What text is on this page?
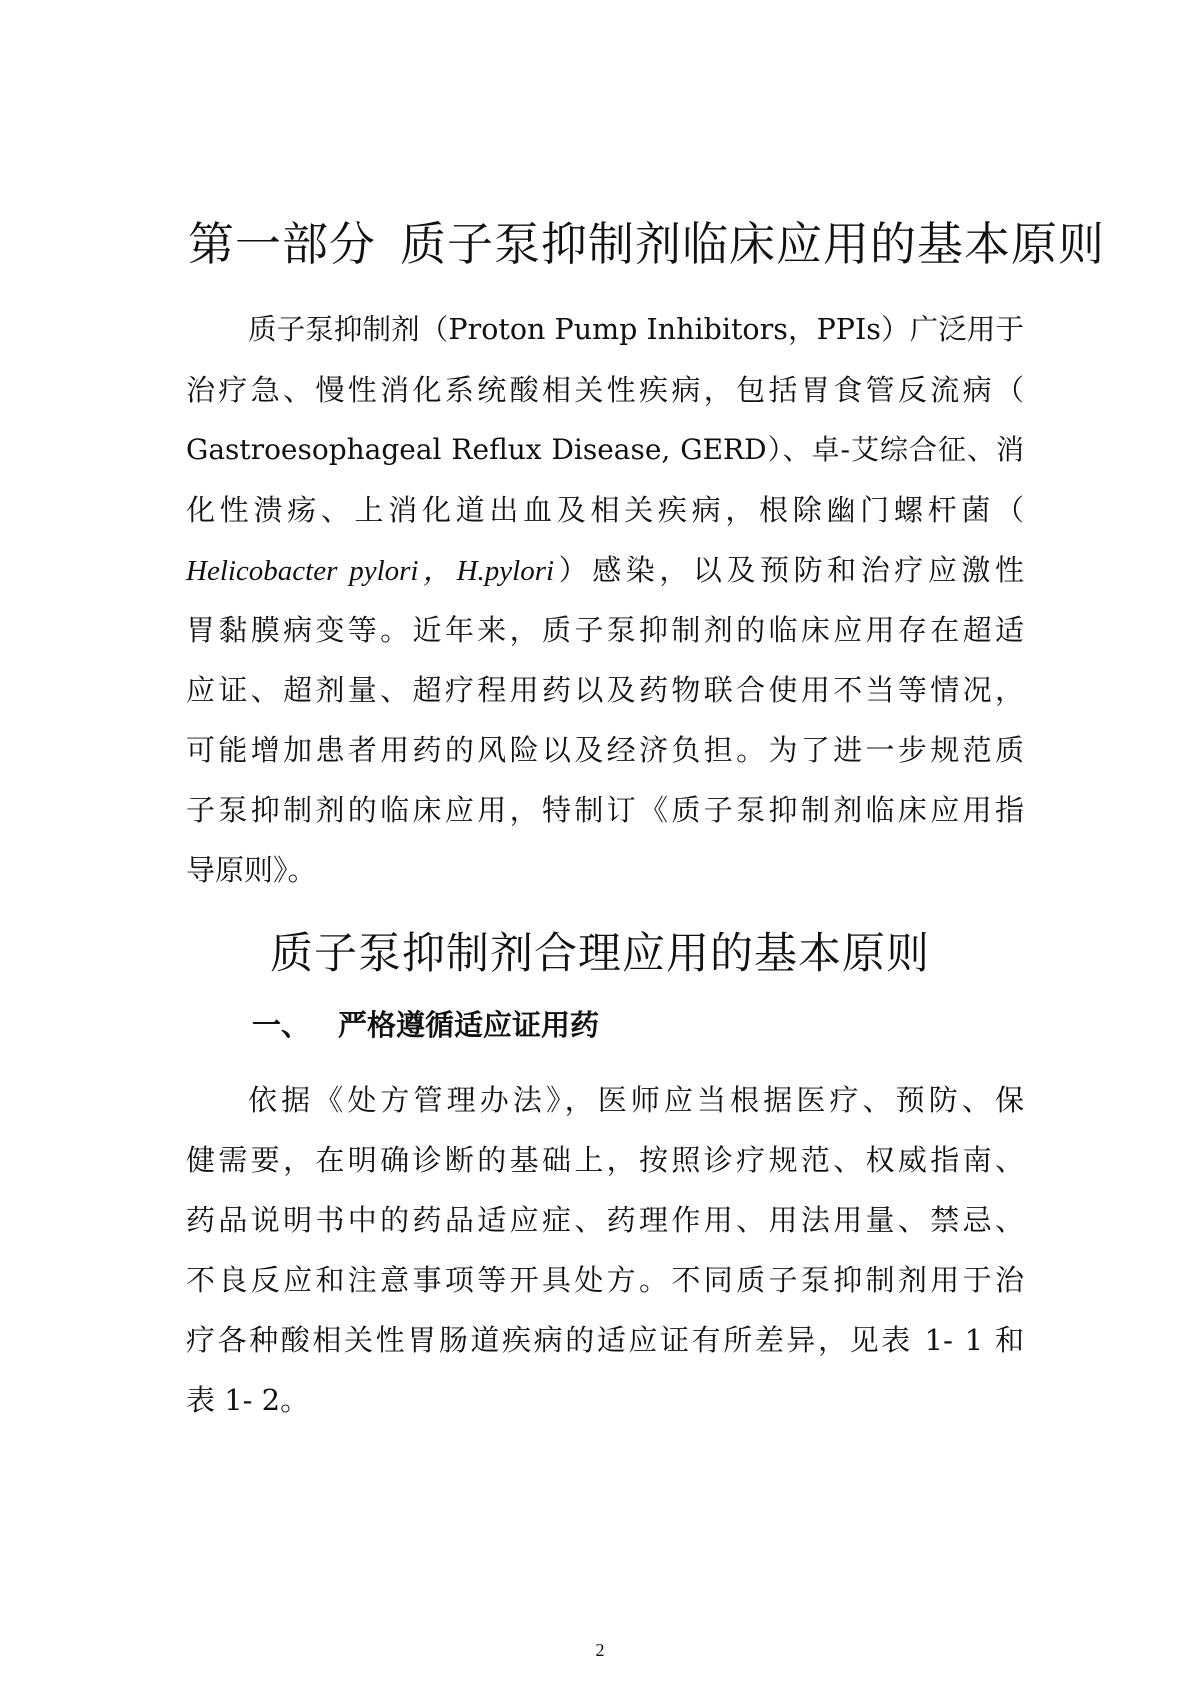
第一部分 质子泵抑制剂临床应用的基本原则
质子泵抑制剂（Proton Pump Inhibitors，PPIs）广泛用于
治疗急、慢性消化系统酸相关性疾病，包括胃食管反流病（
Gastroesophageal Reflux Disease, GERD）、卓-艾综合征、消
化性溃疡、上消化道出血及相关疾病，根除幽门螺杆菌（
Helicobacter pylori，H.pylori）感染，以及预防和治疗应激性
胃黏膜病变等。近年来，质子泵抑制剂的临床应用存在超适
应证、超剂量、超疗程用药以及药物联合使用不当等情况，
可能增加患者用药的风险以及经济负担。为了进一步规范质
子泵抑制剂的临床应用，特制订《质子泵抑制剂临床应用指
导原则》。
质子泵抑制剂合理应用的基本原则
一、 严格遵循适应证用药
依据《处方管理办法》，医师应当根据医疗、预防、保
健需要，在明确诊断的基础上，按照诊疗规范、权威指南、
药品说明书中的药品适应症、药理作用、用法用量、禁忌、
不良反应和注意事项等开具处方。不同质子泵抑制剂用于治
疗各种酸相关性胃肠道疾病的适应证有所差异，见表 1- 1 和
表 1- 2。

2
